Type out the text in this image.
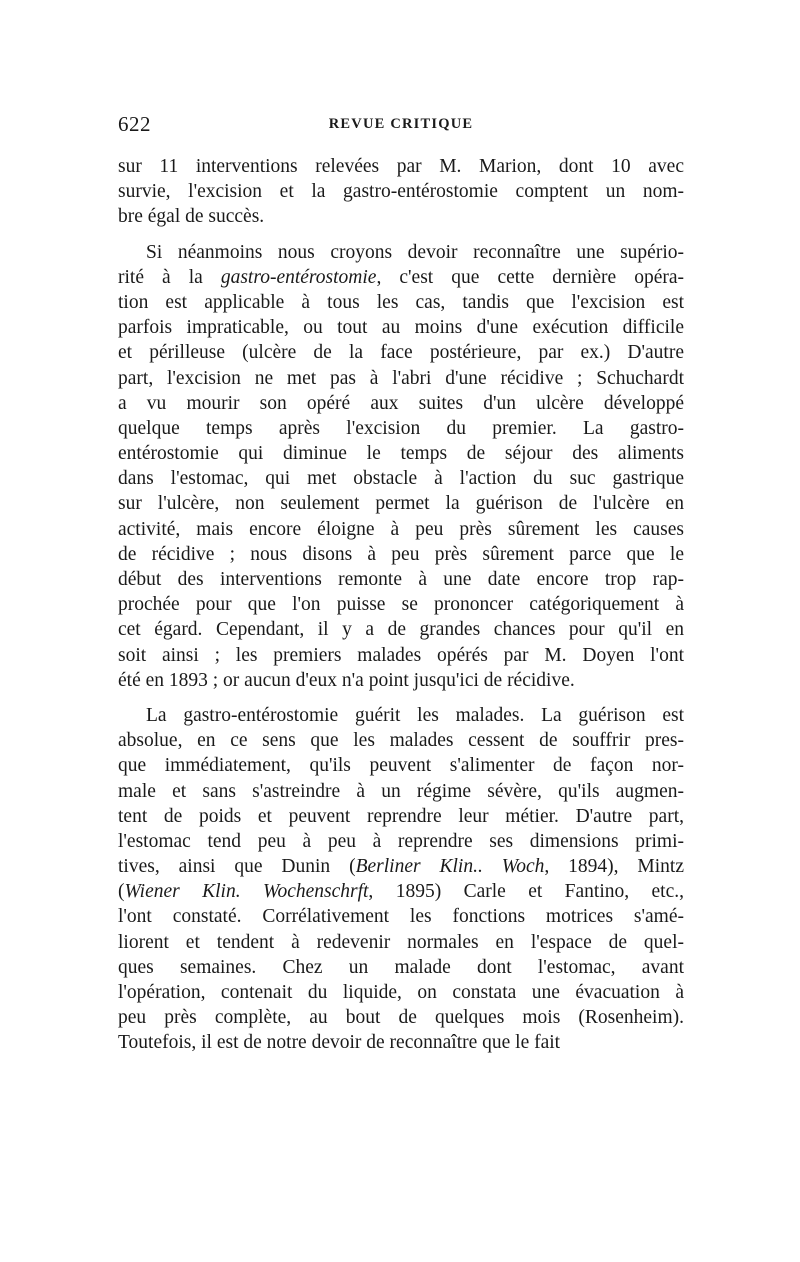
622	REVUE CRITIQUE
sur 11 interventions relevées par M. Marion, dont 10 avec
survie, l'excision et la gastro-entérostomie comptent un nom-
bre égal de succès.
Si néanmoins nous croyons devoir reconnaître une supério-
rité à la gastro-entérostomie, c'est que cette dernière opéra-
tion est applicable à tous les cas, tandis que l'excision est
parfois impraticable, ou tout au moins d'une exécution difficile
et périlleuse (ulcère de la face postérieure, par ex.) D'autre
part, l'excision ne met pas à l'abri d'une récidive ; Schuchardt
a vu mourir son opéré aux suites d'un ulcère développé
quelque temps après l'excision du premier. La gastro-
entérostomie qui diminue le temps de séjour des aliments
dans l'estomac, qui met obstacle à l'action du suc gastrique
sur l'ulcère, non seulement permet la guérison de l'ulcère en
activité, mais encore éloigne à peu près sûrement les causes
de récidive ; nous disons à peu près sûrement parce que le
début des interventions remonte à une date encore trop rap-
prochée pour que l'on puisse se prononcer catégoriquement à
cet égard. Cependant, il y a de grandes chances pour qu'il en
soit ainsi ; les premiers malades opérés par M. Doyen l'ont
été en 1893 ; or aucun d'eux n'a point jusqu'ici de récidive.
La gastro-entérostomie guérit les malades. La guérison est
absolue, en ce sens que les malades cessent de souffrir pres-
que immédiatement, qu'ils peuvent s'alimenter de façon nor-
male et sans s'astreindre à un régime sévère, qu'ils augmen-
tent de poids et peuvent reprendre leur métier. D'autre part,
l'estomac tend peu à peu à reprendre ses dimensions primi-
tives, ainsi que Dunin (Berliner Klin.. Woch, 1894), Mintz
(Wiener Klin. Wochenschrft, 1895) Carle et Fantino, etc.,
l'ont constaté. Corrélativement les fonctions motrices s'amé-
liorent et tendent à redevenir normales en l'espace de quel-
ques semaines. Chez un malade dont l'estomac, avant
l'opération, contenait du liquide, on constata une évacuation à
peu près complète, au bout de quelques mois (Rosenheim).
Toutefois, il est de notre devoir de reconnaître que le fait
